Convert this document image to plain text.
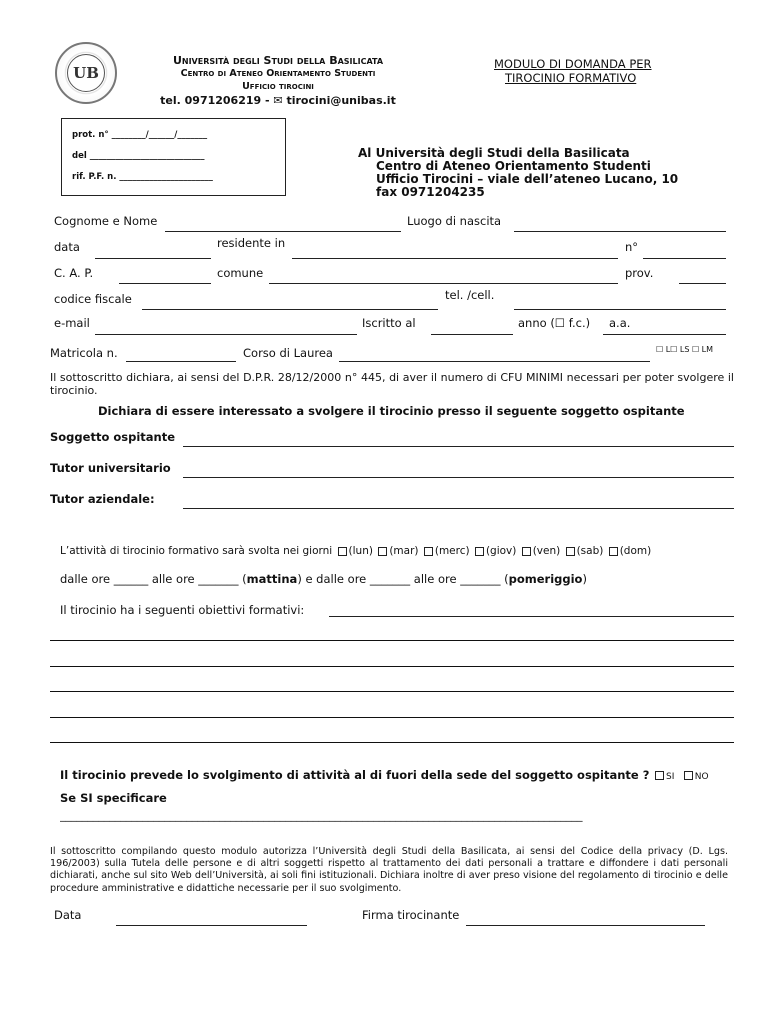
UB
Università degli Studi della Basilicata
Centro di Ateneo Orientamento Studenti
Ufficio tirocini
tel. 0971206219 - ✉ tirocini@unibas.it
MODULO DI DOMANDA PER
TIROCINIO FORMATIVO
prot. n° ________/______/_______
del ___________________________
rif. P.F. n. ______________________
Al Università degli Studi della Basilicata
Centro di Ateneo Orientamento Studenti
Ufficio Tirocini – viale dell’ateneo Lucano, 10
fax 0971204235
Cognome e Nome	Luogo di nascita
data	residente in	n°
C. A. P.	comune	prov.
codice fiscale	tel. /cell.
e-mail	Iscritto al	anno (☐ f.c.) a.a.
Matricola n.	Corso di Laurea	☐ L☐ LS ☐ LM
Il sottoscritto dichiara, ai sensi del D.P.R. 28/12/2000 n° 445, di aver il numero di CFU MINIMI necessari per poter svolgere il tirocinio.
Dichiara di essere interessato a svolgere il tirocinio presso il seguente soggetto ospitante
Soggetto ospitante
Tutor universitario
Tutor aziendale:
L’attività di tirocinio formativo sarà svolta nei giorni (lun) (mar) (merc) (giov) (ven) (sab) (dom)
dalle ore ______ alle ore _______ (mattina) e dalle ore _______ alle ore _______ (pomeriggio)
Il tirocinio ha i seguenti obiettivi formativi:
Il tirocinio prevede lo svolgimento di attività al di fuori della sede del soggetto ospitante ? SI NO
Se SI specificare
_______________________________________________________________________________________________
Il sottoscritto compilando questo modulo autorizza l’Università degli Studi della Basilicata, ai sensi del Codice della privacy (D. Lgs. 196/2003) sulla Tutela delle persone e di altri soggetti rispetto al trattamento dei dati personali a trattare e diffondere i dati personali dichiarati, anche sul sito Web dell’Università, ai soli fini istituzionali. Dichiara inoltre di aver preso visione del regolamento di tirocinio e delle procedure amministrative e didattiche necessarie per il suo svolgimento.
Data	Firma tirocinante
